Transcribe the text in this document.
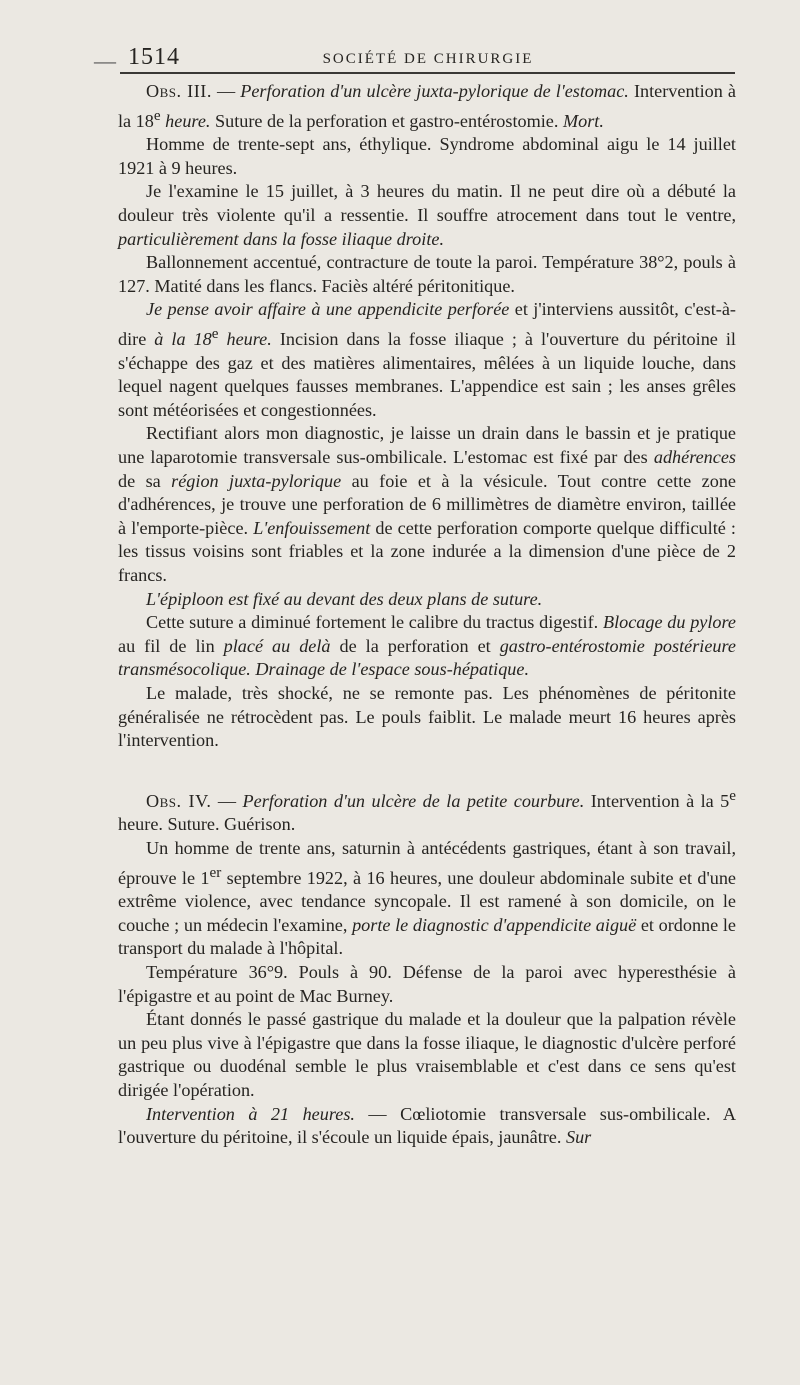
— 1514	SOCIÉTÉ DE CHIRURGIE

Obs. III. — Perforation d'un ulcère juxta-pylorique de l'estomac. Intervention à la 18e heure. Suture de la perforation et gastro-entérostomie. Mort.

Homme de trente-sept ans, éthylique. Syndrome abdominal aigu le 14 juillet 1921 à 9 heures.

Je l'examine le 15 juillet, à 3 heures du matin. Il ne peut dire où a débuté la douleur très violente qu'il a ressentie. Il souffre atrocement dans tout le ventre, particulièrement dans la fosse iliaque droite.

Ballonnement accentué, contracture de toute la paroi. Température 38°2, pouls à 127. Matité dans les flancs. Faciès altéré péritonitique.

Je pense avoir affaire à une appendicite perforée et j'interviens aussitôt, c'est-à-dire à la 18e heure. Incision dans la fosse iliaque ; à l'ouverture du péritoine il s'échappe des gaz et des matières alimentaires, mêlées à un liquide louche, dans lequel nagent quelques fausses membranes. L'appendice est sain ; les anses grêles sont météorisées et congestionnées.

Rectifiant alors mon diagnostic, je laisse un drain dans le bassin et je pratique une laparotomie transversale sus-ombilicale. L'estomac est fixé par des adhérences de sa région juxta-pylorique au foie et à la vésicule. Tout contre cette zone d'adhérences, je trouve une perforation de 6 millimètres de diamètre environ, taillée à l'emporte-pièce. L'enfouissement de cette perforation comporte quelque difficulté : les tissus voisins sont friables et la zone indurée a la dimension d'une pièce de 2 francs.

L'épiploon est fixé au devant des deux plans de suture.

Cette suture a diminué fortement le calibre du tractus digestif. Blocage du pylore au fil de lin placé au delà de la perforation et gastro-entérostomie postérieure transmésocolique. Drainage de l'espace sous-hépatique.

Le malade, très shocké, ne se remonte pas. Les phénomènes de péritonite généralisée ne rétrocèdent pas. Le pouls faiblit. Le malade meurt 16 heures après l'intervention.

Obs. IV. — Perforation d'un ulcère de la petite courbure. Intervention à la 5e heure. Suture. Guérison.

Un homme de trente ans, saturnin à antécédents gastriques, étant à son travail, éprouve le 1er septembre 1922, à 16 heures, une douleur abdominale subite et d'une extrême violence, avec tendance syncopale. Il est ramené à son domicile, on le couche ; un médecin l'examine, porte le diagnostic d'appendicite aiguë et ordonne le transport du malade à l'hôpital.

Température 36°9. Pouls à 90. Défense de la paroi avec hyperesthésie à l'épigastre et au point de Mac Burney.

Étant donnés le passé gastrique du malade et la douleur que la palpation révèle un peu plus vive à l'épigastre que dans la fosse iliaque, le diagnostic d'ulcère perforé gastrique ou duodénal semble le plus vraisemblable et c'est dans ce sens qu'est dirigée l'opération.

Intervention à 21 heures. — Cœliotomie transversale sus-ombilicale. A l'ouverture du péritoine, il s'écoule un liquide épais, jaunâtre. Sur
